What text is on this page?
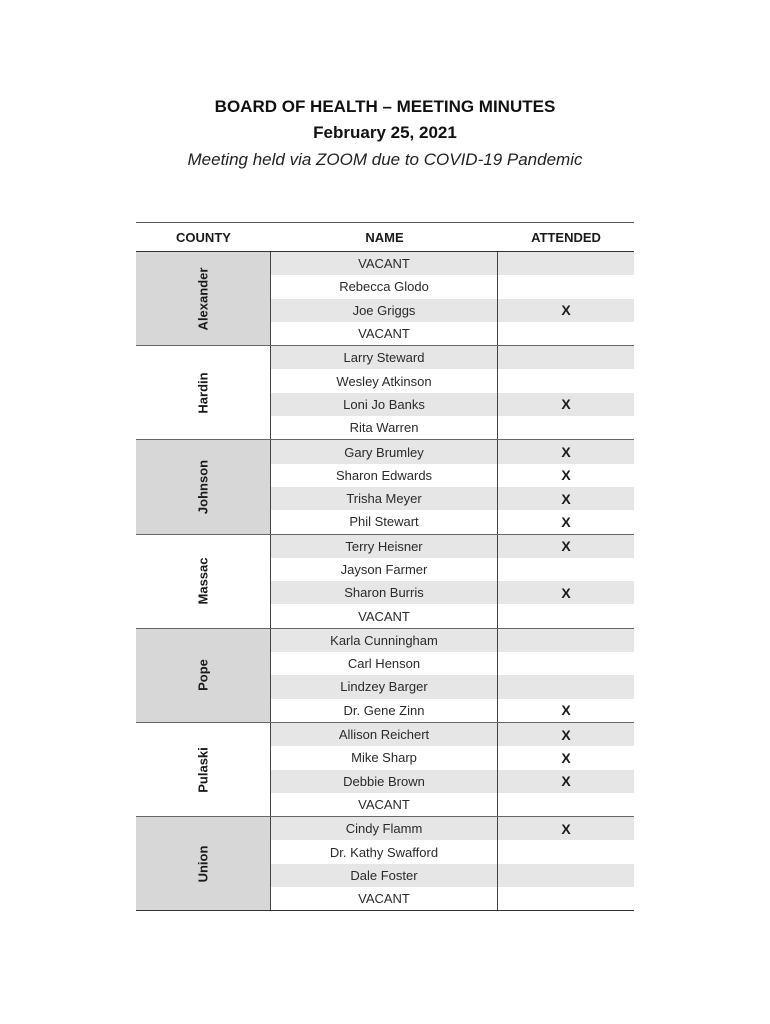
BOARD OF HEALTH – MEETING MINUTES
February 25, 2021
Meeting held via ZOOM due to COVID-19 Pandemic
COUNTY	NAME	ATTENDED
Alexander
VACANT
Rebecca Glodo
Joe Griggs	X
VACANT
Hardin
Larry Steward
Wesley Atkinson
Loni Jo Banks	X
Rita Warren
Johnson
Gary Brumley	X
Sharon Edwards	X
Trisha Meyer	X
Phil Stewart	X
Massac
Terry Heisner	X
Jayson Farmer
Sharon Burris	X
VACANT
Pope
Karla Cunningham
Carl Henson
Lindzey Barger
Dr. Gene Zinn	X
Pulaski
Allison Reichert	X
Mike Sharp	X
Debbie Brown	X
VACANT
Union
Cindy Flamm	X
Dr. Kathy Swafford
Dale Foster
VACANT
